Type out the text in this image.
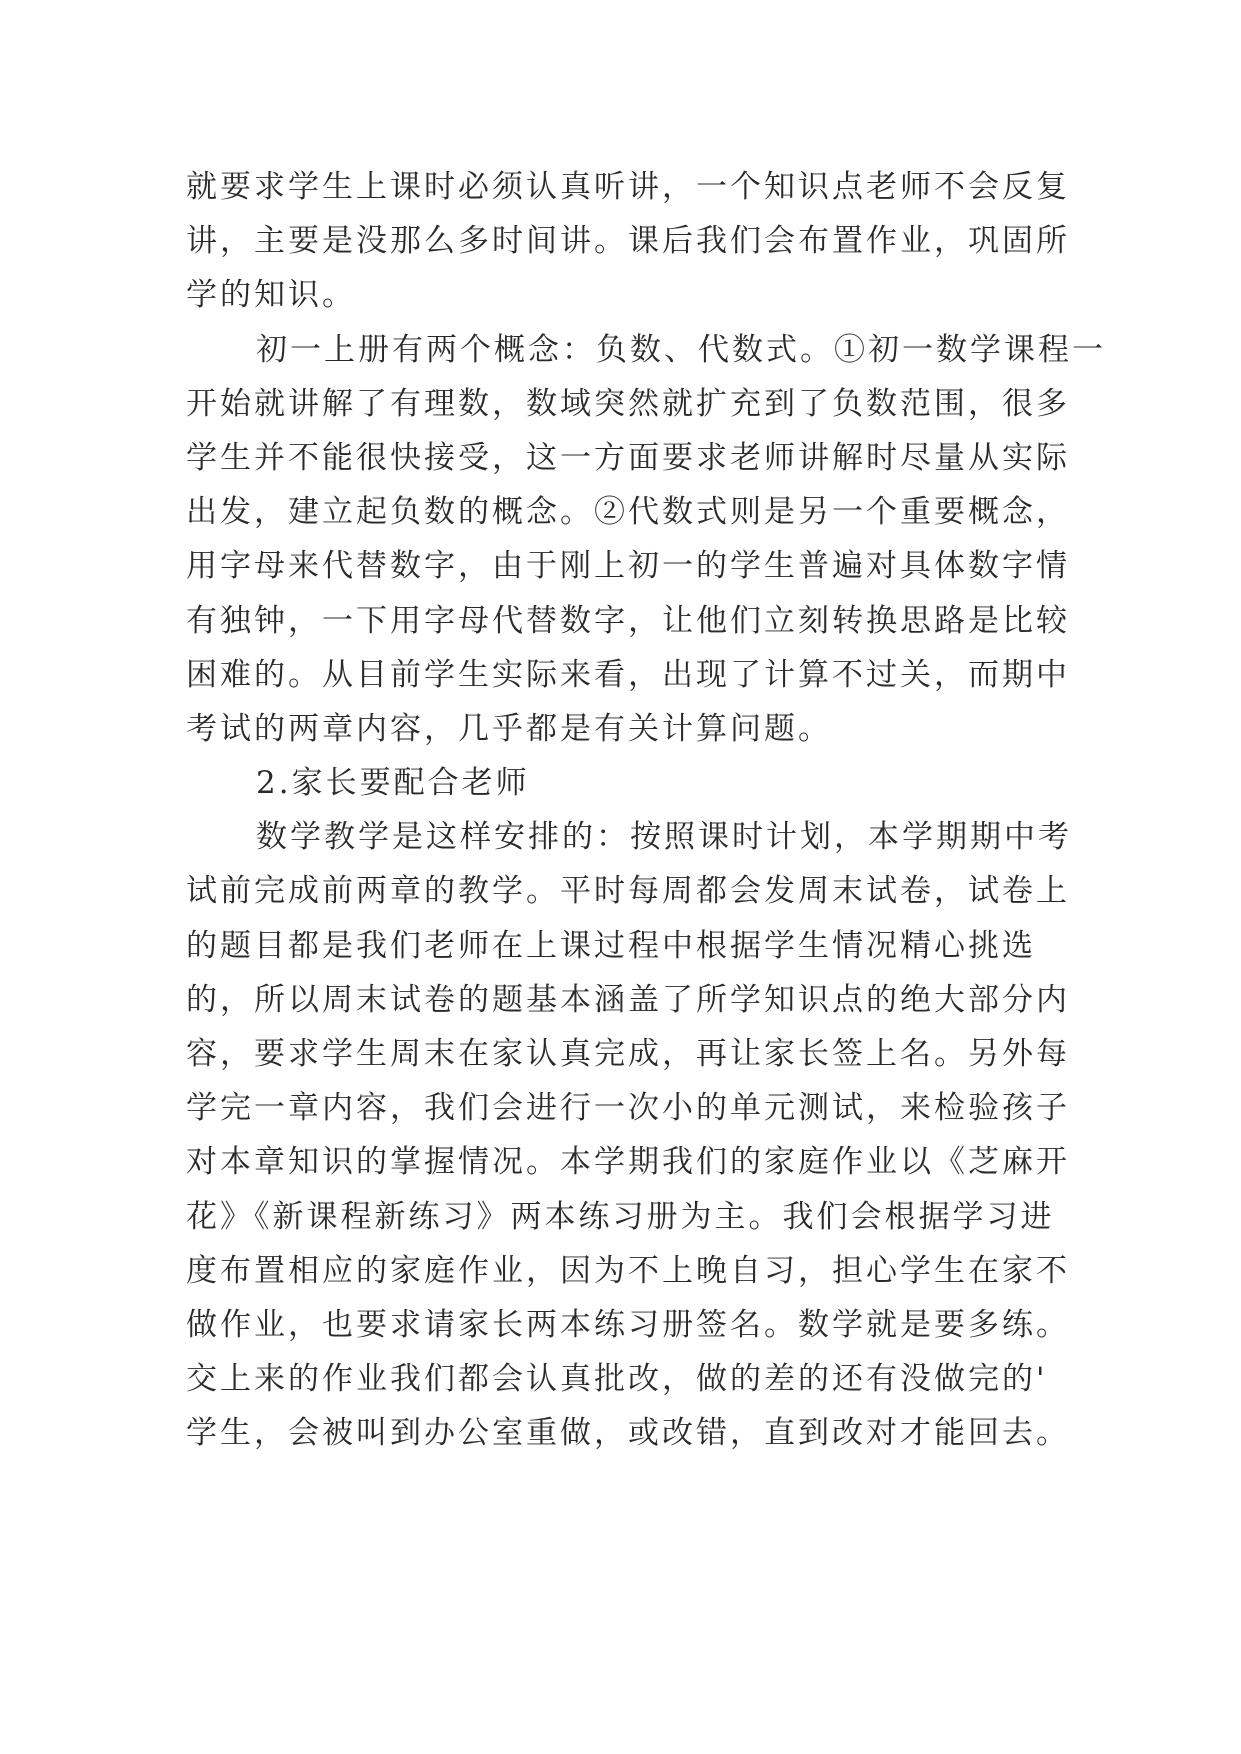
就要求学生上课时必须认真听讲，一个知识点老师不会反复
讲，主要是没那么多时间讲。课后我们会布置作业，巩固所
学的知识。
初一上册有两个概念：负数、代数式。①初一数学课程一
开始就讲解了有理数，数域突然就扩充到了负数范围，很多
学生并不能很快接受，这一方面要求老师讲解时尽量从实际
出发，建立起负数的概念。②代数式则是另一个重要概念，
用字母来代替数字，由于刚上初一的学生普遍对具体数字情
有独钟，一下用字母代替数字，让他们立刻转换思路是比较
困难的。从目前学生实际来看，出现了计算不过关，而期中
考试的两章内容，几乎都是有关计算问题。
2.家长要配合老师
数学教学是这样安排的：按照课时计划，本学期期中考
试前完成前两章的教学。平时每周都会发周末试卷，试卷上
的题目都是我们老师在上课过程中根据学生情况精心挑选
的，所以周末试卷的题基本涵盖了所学知识点的绝大部分内
容，要求学生周末在家认真完成，再让家长签上名。另外每
学完一章内容，我们会进行一次小的单元测试，来检验孩子
对本章知识的掌握情况。本学期我们的家庭作业以《芝麻开
花》《新课程新练习》两本练习册为主。我们会根据学习进
度布置相应的家庭作业，因为不上晚自习，担心学生在家不
做作业，也要求请家长两本练习册签名。数学就是要多练。
交上来的作业我们都会认真批改，做的差的还有没做完的'
学生，会被叫到办公室重做，或改错，直到改对才能回去。
